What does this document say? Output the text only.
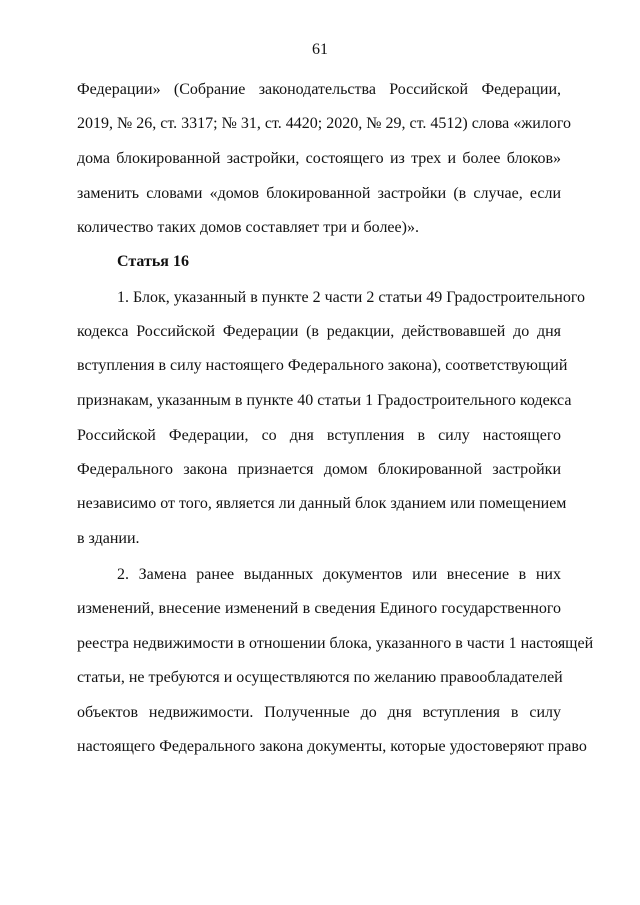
61
Федерации» (Собрание законодательства Российской Федерации,
2019, № 26, ст. 3317; № 31, ст. 4420; 2020, № 29, ст. 4512) слова «жилого
дома блокированной застройки, состоящего из трех и более блоков»
заменить словами «домов блокированной застройки (в случае, если
количество таких домов составляет три и более)».
Статья 16
1. Блок, указанный в пункте 2 части 2 статьи 49 Градостроительного
кодекса Российской Федерации (в редакции, действовавшей до дня
вступления в силу настоящего Федерального закона), соответствующий
признакам, указанным в пункте 40 статьи 1 Градостроительного кодекса
Российской Федерации, со дня вступления в силу настоящего
Федерального закона признается домом блокированной застройки
независимо от того, является ли данный блок зданием или помещением
в здании.
2. Замена ранее выданных документов или внесение в них
изменений, внесение изменений в сведения Единого государственного
реестра недвижимости в отношении блока, указанного в части 1 настоящей
статьи, не требуются и осуществляются по желанию правообладателей
объектов недвижимости. Полученные до дня вступления в силу
настоящего Федерального закона документы, которые удостоверяют право
